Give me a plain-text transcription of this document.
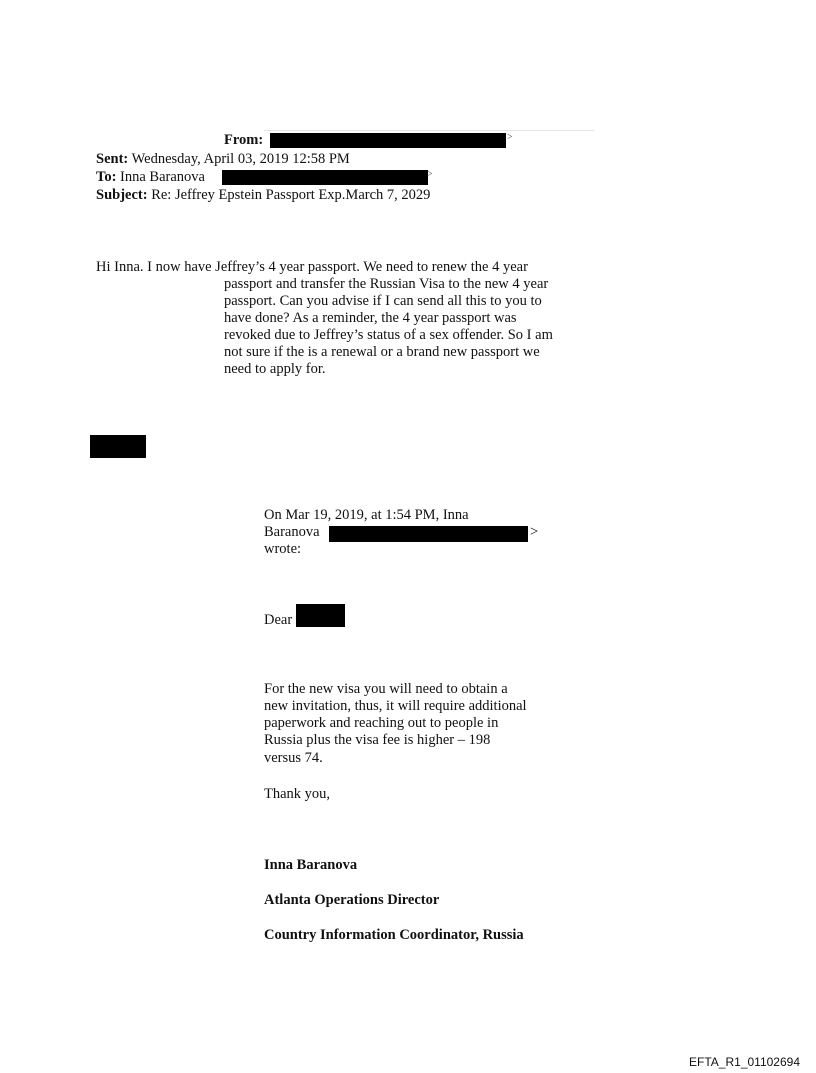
From:	>
Sent: Wednesday, April 03, 2019 12:58 PM
To: Inna Baranova	>
Subject: Re: Jeffrey Epstein Passport Exp.March 7, 2029
Hi Inna. I now have Jeffrey’s 4 year passport. We need to renew the 4 year
passport and transfer the Russian Visa to the new 4 year
passport. Can you advise if I can send all this to you to
have done? As a reminder, the 4 year passport was
revoked due to Jeffrey’s status of a sex offender. So I am
not sure if the is a renewal or a brand new passport we
need to apply for.
On Mar 19, 2019, at 1:54 PM, Inna
Baranova	>
wrote:
Dear
For the new visa you will need to obtain a
new invitation, thus, it will require additional
paperwork and reaching out to people in
Russia plus the visa fee is higher – 198
versus 74.
Thank you,
Inna Baranova
Atlanta Operations Director
Country Information Coordinator, Russia
EFTA_R1_01102694
